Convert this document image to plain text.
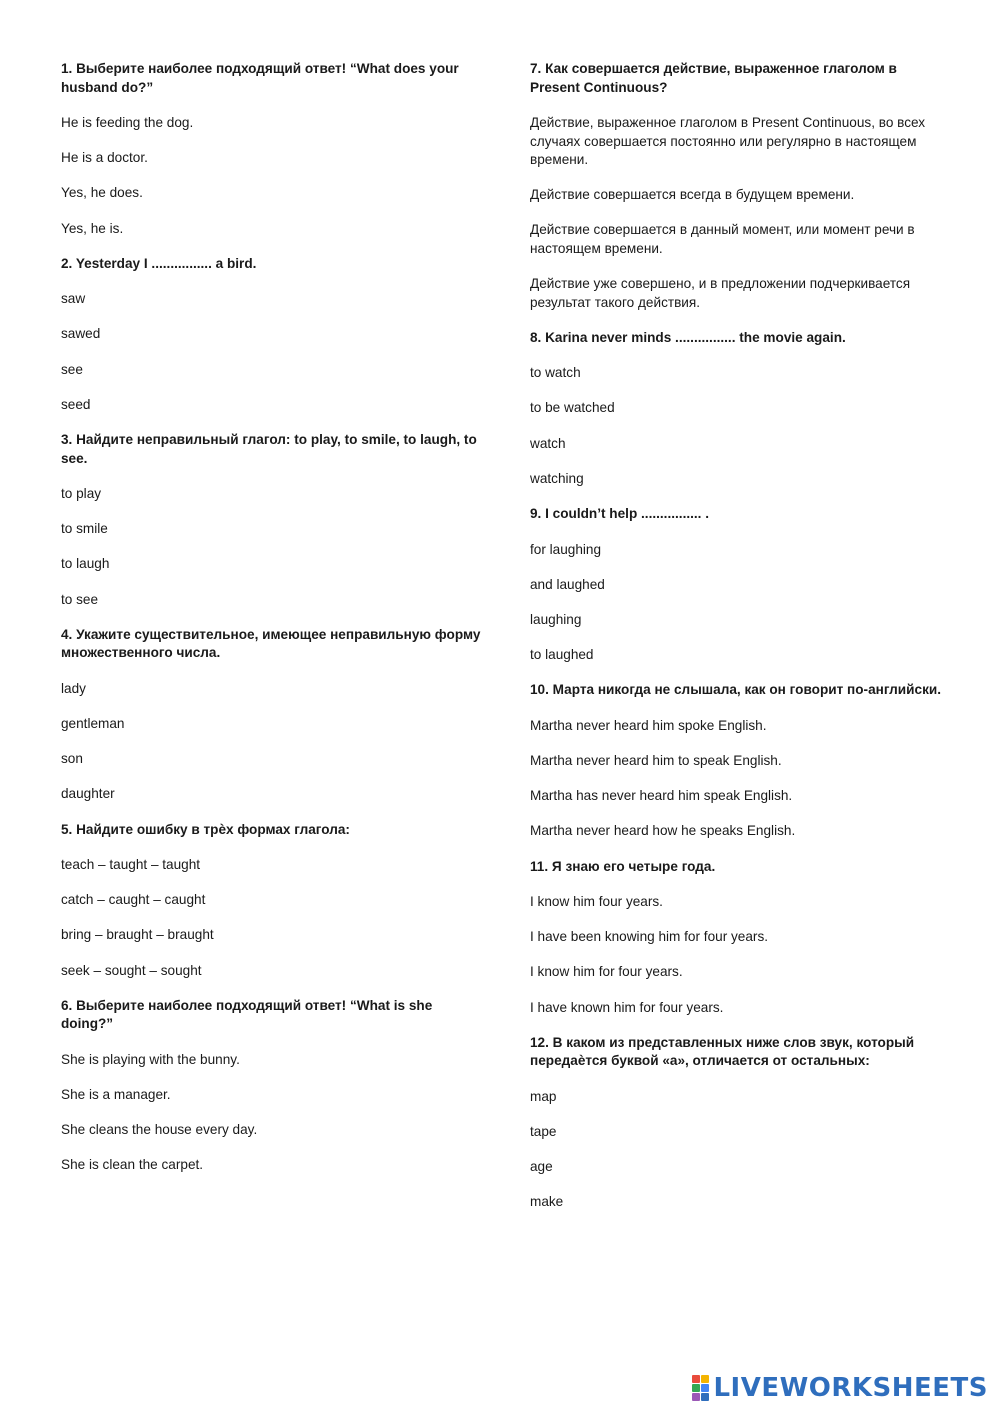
1. Выберите наиболее подходящий ответ! “What does your husband do?”
He is feeding the dog.
He is a doctor.
Yes, he does.
Yes, he is.
2. Yesterday I ................ a bird.
saw
sawed
see
seed
3. Найдите неправильный глагол: to play, to smile, to laugh, to see.
to play
to smile
to laugh
to see
4. Укажите существительное, имеющее неправильную форму множественного числа.
lady
gentleman
son
daughter
5. Найдите ошибку в трѐх формах глагола:
teach – taught – taught
catch – caught – caught
bring – braught – braught
seek – sought – sought
6. Выберите наиболее подходящий ответ! “What is she doing?”
She is playing with the bunny.
She is a manager.
She cleans the house every day.
She is clean the carpet.
7. Как совершается действие, выраженное глаголом в Present Continuous?
Действие, выраженное глаголом в Present Continuous, во всех случаях совершается постоянно или регулярно в настоящем времени.
Действие совершается всегда в будущем времени.
Действие совершается в данный момент, или момент речи в настоящем времени.
Действие уже совершено, и в предложении подчеркивается результат такого действия.
8. Karina never minds ................ the movie again.
to watch
to be watched
watch
watching
9. I couldn’t help ................ .
for laughing
and laughed
laughing
to laughed
10. Марта никогда не слышала, как он говорит по-английски.
Martha never heard him spoke English.
Martha never heard him to speak English.
Martha has never heard him speak English.
Martha never heard how he speaks English.
11. Я знаю его четыре года.
I know him four years.
I have been knowing him for four years.
I know him for four years.
I have known him for four years.
12. В каком из представленных ниже слов звук, который передаѐтся буквой «а», отличается от остальных:
map
tape
age
make
LIVEWORKSHEETS
